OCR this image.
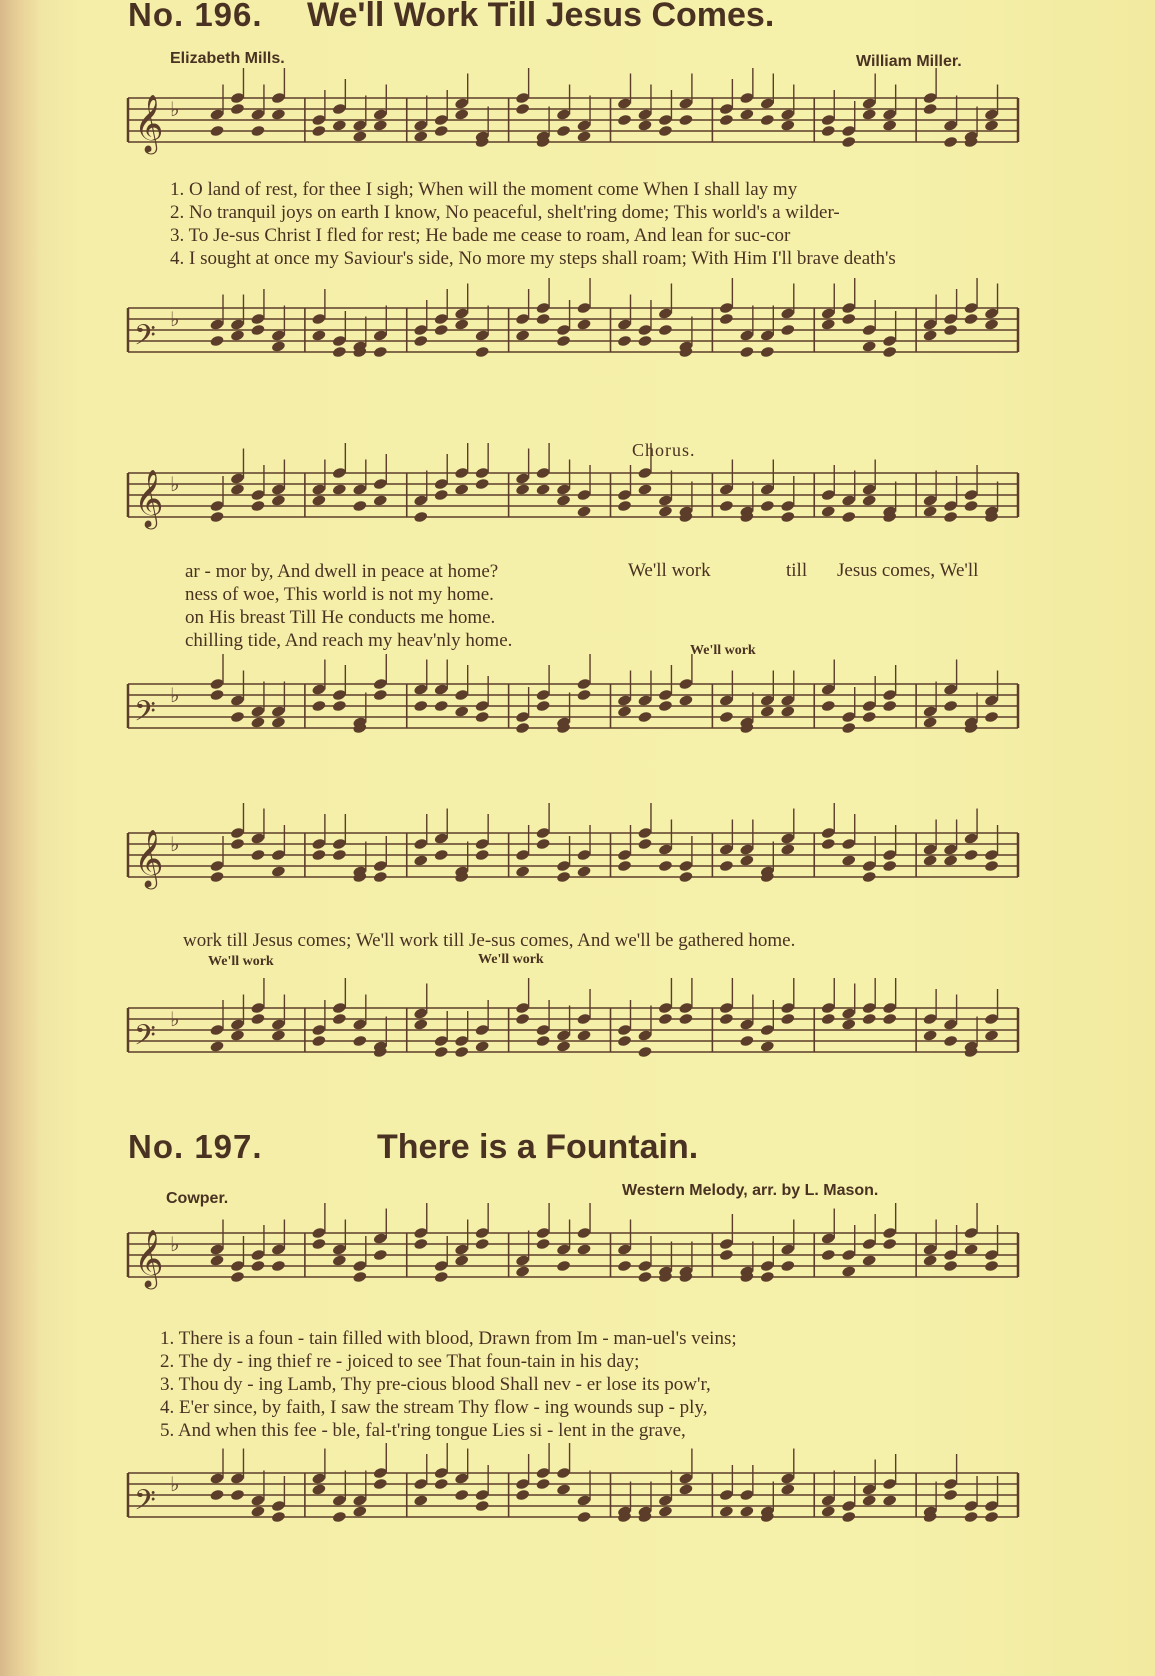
No. 196. We'll Work Till Jesus Comes.
Elizabeth Mills.	William Miller.
𝄞 ♭
1. O land of rest, for thee I sigh; When will the moment come When I shall lay my
2. No tranquil joys on earth I know, No peaceful, shelt'ring dome; This world's a wilder-
3. To Je-sus Christ I fled for rest; He bade me cease to roam, And lean for suc-cor
4. I sought at once my Saviour's side, No more my steps shall roam; With Him I'll brave death's
𝄢 ♭
Chorus.
𝄞 ♭
ar - mor by, And dwell in peace at home?
ness of woe, This world is not my home.
on His breast Till He conducts me home.
chilling tide, And reach my heav'nly home.
We'll work	till Jesus comes, We'll
We'll work
𝄢 ♭
𝄞 ♭
work till Jesus comes; We'll work till Je-sus comes, And we'll be gathered home.
We'll work	We'll work
𝄢 ♭
No. 197.	There is a Fountain.
Cowper.	Western Melody, arr. by L. Mason.
𝄞 ♭
1. There is a foun - tain filled with blood, Drawn from Im - man-uel's veins;
2. The dy - ing thief re - joiced to see That foun-tain in his day;
3. Thou dy - ing Lamb, Thy pre-cious blood Shall nev - er lose its pow'r,
4. E'er since, by faith, I saw the stream Thy flow - ing wounds sup - ply,
5. And when this fee - ble, fal-t'ring tongue Lies si - lent in the grave,
𝄢 ♭
